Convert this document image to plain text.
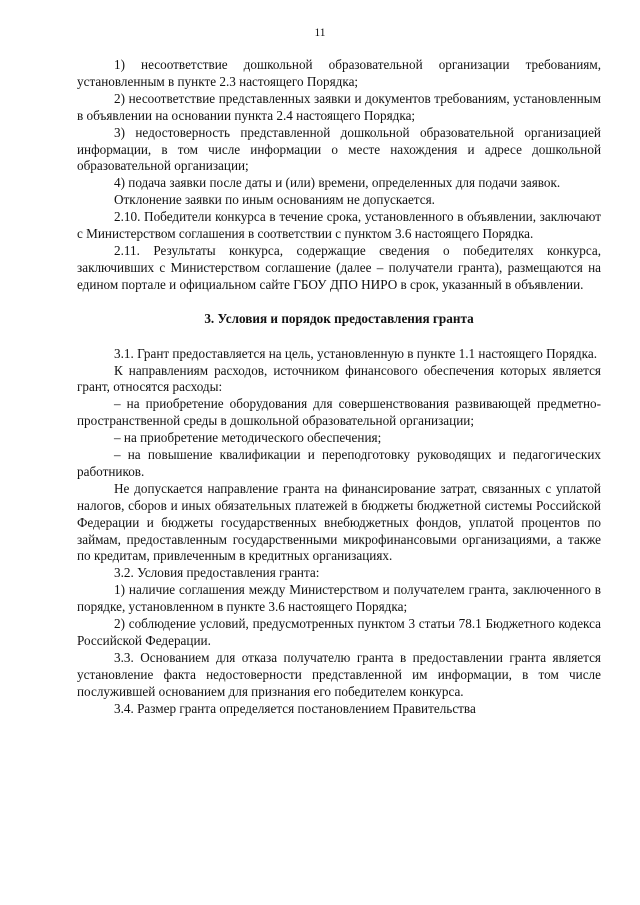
11

1) несоответствие дошкольной образовательной организации требованиям, установленным в пункте 2.3 настоящего Порядка;

2) несоответствие представленных заявки и документов требованиям, установленным в объявлении на основании пункта 2.4 настоящего Порядка;

3) недостоверность представленной дошкольной образовательной организацией информации, в том числе информации о месте нахождения и адресе дошкольной образовательной организации;

4) подача заявки после даты и (или) времени, определенных для подачи заявок.

Отклонение заявки по иным основаниям не допускается.

2.10. Победители конкурса в течение срока, установленного в объявлении, заключают с Министерством соглашения в соответствии с пунктом 3.6 настоящего Порядка.

2.11. Результаты конкурса, содержащие сведения о победителях конкурса, заключивших с Министерством соглашение (далее – получатели гранта), размещаются на едином портале и официальном сайте ГБОУ ДПО НИРО в срок, указанный в объявлении.

3. Условия и порядок предоставления гранта

3.1. Грант предоставляется на цель, установленную в пункте 1.1 настоящего Порядка.

К направлениям расходов, источником финансового обеспечения которых является грант, относятся расходы:

– на приобретение оборудования для совершенствования развивающей предметно-пространственной среды в дошкольной образовательной организации;

– на приобретение методического обеспечения;

– на повышение квалификации и переподготовку руководящих и педагогических работников.

Не допускается направление гранта на финансирование затрат, связанных с уплатой налогов, сборов и иных обязательных платежей в бюджеты бюджетной системы Российской Федерации и бюджеты государственных внебюджетных фондов, уплатой процентов по займам, предоставленным государственными микрофинансовыми организациями, а также по кредитам, привлеченным в кредитных организациях.

3.2. Условия предоставления гранта:

1) наличие соглашения между Министерством и получателем гранта, заключенного в порядке, установленном в пункте 3.6 настоящего Порядка;

2) соблюдение условий, предусмотренных пунктом 3 статьи 78.1 Бюджетного кодекса Российской Федерации.

3.3. Основанием для отказа получателю гранта в предоставлении гранта является установление факта недостоверности представленной им информации, в том числе послужившей основанием для признания его победителем конкурса.

3.4. Размер гранта определяется постановлением Правительства
